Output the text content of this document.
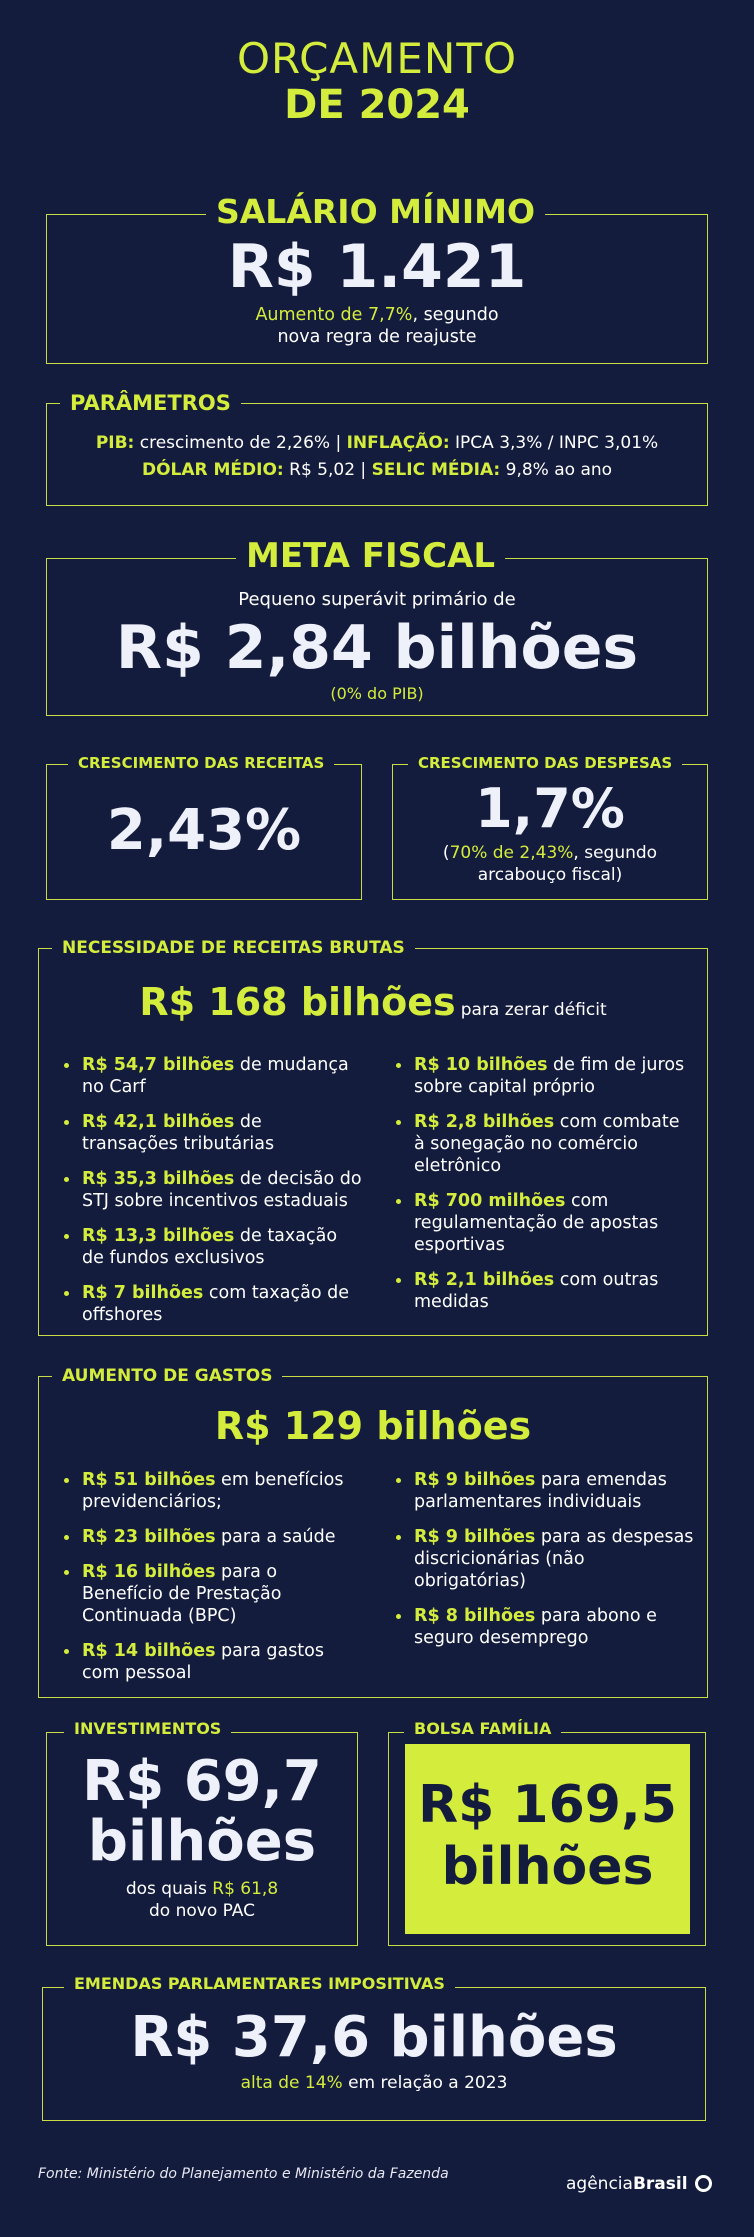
ORÇAMENTO
DE 2024
SALÁRIO MÍNIMO
R$ 1.421
Aumento de 7,7%, segundo
nova regra de reajuste
PARÂMETROS
PIB: crescimento de 2,26% | INFLAÇÃO: IPCA 3,3% / INPC 3,01%
DÓLAR MÉDIO: R$ 5,02 | SELIC MÉDIA: 9,8% ao ano
META FISCAL
Pequeno superávit primário de
R$ 2,84 bilhões
(0% do PIB)
CRESCIMENTO DAS RECEITAS
2,43%
CRESCIMENTO DAS DESPESAS
1,7%
(70% de 2,43%, segundo
arcabouço fiscal)
NECESSIDADE DE RECEITAS BRUTAS
R$ 168 bilhões para zerar déficit
R$ 54,7 bilhões de mudança no Carf
R$ 42,1 bilhões de transações tributárias
R$ 35,3 bilhões de decisão do STJ sobre incentivos estaduais
R$ 13,3 bilhões de taxação de fundos exclusivos
R$ 7 bilhões com taxação de offshores
R$ 10 bilhões de fim de juros sobre capital próprio
R$ 2,8 bilhões com combate à sonegação no comércio eletrônico
R$ 700 milhões com regulamentação de apostas esportivas
R$ 2,1 bilhões com outras medidas
AUMENTO DE GASTOS
R$ 129 bilhões
R$ 51 bilhões em benefícios previdenciários;
R$ 23 bilhões para a saúde
R$ 16 bilhões para o Benefício de Prestação Continuada (BPC)
R$ 14 bilhões para gastos com pessoal
R$ 9 bilhões para emendas parlamentares individuais
R$ 9 bilhões para as despesas discricionárias (não obrigatórias)
R$ 8 bilhões para abono e seguro desemprego
INVESTIMENTOS
R$ 69,7
bilhões
dos quais R$ 61,8
do novo PAC
BOLSA FAMÍLIA
R$ 169,5
bilhões
EMENDAS PARLAMENTARES IMPOSITIVAS
R$ 37,6 bilhões
alta de 14% em relação a 2023
Fonte: Ministério do Planejamento e Ministério da Fazenda	agênciaBrasil
